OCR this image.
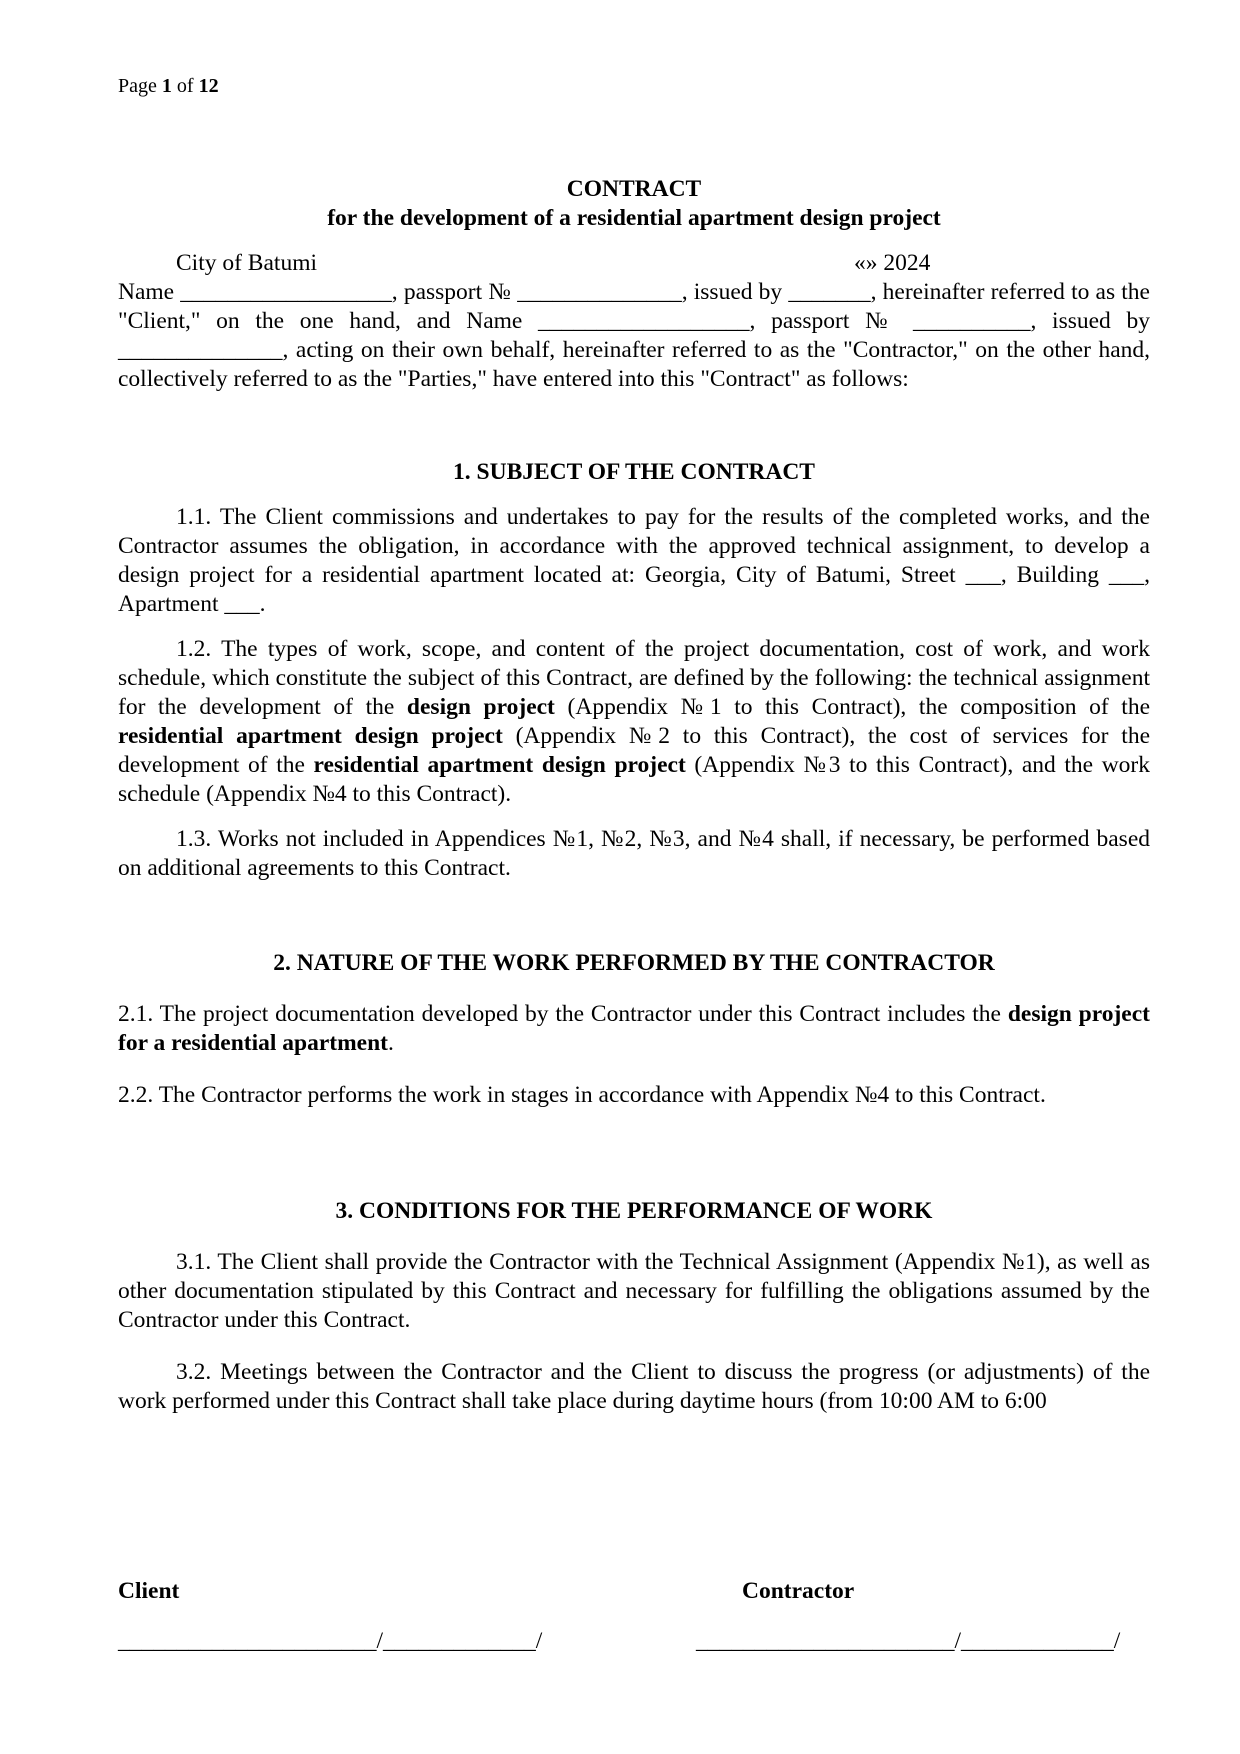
Page 1 of 12

CONTRACT

for the development of a residential apartment design project

City of Batumi	«» 2024

Name __________________, passport № ______________, issued by _______, hereinafter referred to as the "Client," on the one hand, and Name __________________, passport № __________, issued by ______________, acting on their own behalf, hereinafter referred to as the "Contractor," on the other hand, collectively referred to as the "Parties," have entered into this "Contract" as follows:

1. SUBJECT OF THE CONTRACT

1.1. The Client commissions and undertakes to pay for the results of the completed works, and the Contractor assumes the obligation, in accordance with the approved technical assignment, to develop a design project for a residential apartment located at: Georgia, City of Batumi, Street ___, Building ___, Apartment ___.

1.2. The types of work, scope, and content of the project documentation, cost of work, and work schedule, which constitute the subject of this Contract, are defined by the following: the technical assignment for the development of the design project (Appendix №1 to this Contract), the composition of the residential apartment design project (Appendix №2 to this Contract), the cost of services for the development of the residential apartment design project (Appendix №3 to this Contract), and the work schedule (Appendix №4 to this Contract).

1.3. Works not included in Appendices №1, №2, №3, and №4 shall, if necessary, be performed based on additional agreements to this Contract.

2. NATURE OF THE WORK PERFORMED BY THE CONTRACTOR

2.1. The project documentation developed by the Contractor under this Contract includes the design project for a residential apartment.

2.2. The Contractor performs the work in stages in accordance with Appendix №4 to this Contract.

3. CONDITIONS FOR THE PERFORMANCE OF WORK

3.1. The Client shall provide the Contractor with the Technical Assignment (Appendix №1), as well as other documentation stipulated by this Contract and necessary for fulfilling the obligations assumed by the Contractor under this Contract.

3.2. Meetings between the Contractor and the Client to discuss the progress (or adjustments) of the work performed under this Contract shall take place during daytime hours (from 10:00 AM to 6:00

Client	Contractor
______________________/_____________/	______________________/_____________/
